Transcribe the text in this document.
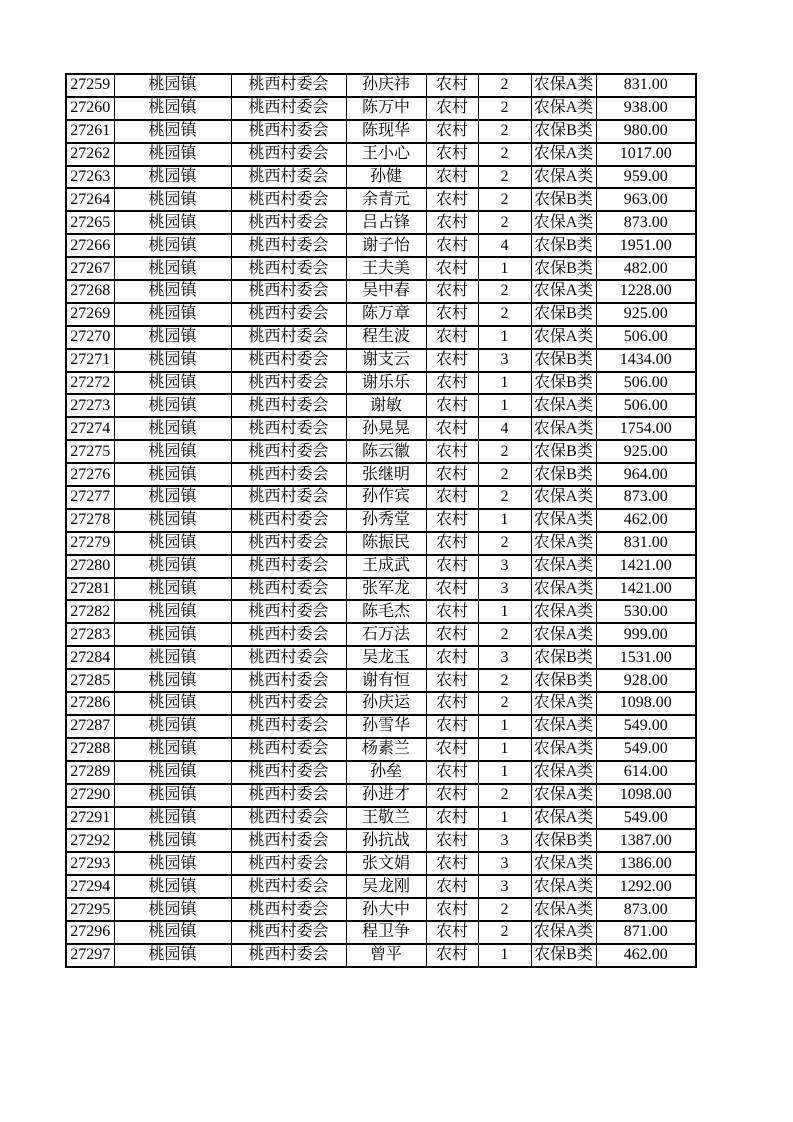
27259	桃园镇	桃西村委会	孙庆祎	农村	2	农保A类	831.00
27260	桃园镇	桃西村委会	陈万中	农村	2	农保A类	938.00
27261	桃园镇	桃西村委会	陈现华	农村	2	农保B类	980.00
27262	桃园镇	桃西村委会	王小心	农村	2	农保A类	1017.00
27263	桃园镇	桃西村委会	孙健	农村	2	农保A类	959.00
27264	桃园镇	桃西村委会	余青元	农村	2	农保B类	963.00
27265	桃园镇	桃西村委会	吕占锋	农村	2	农保A类	873.00
27266	桃园镇	桃西村委会	谢子怡	农村	4	农保B类	1951.00
27267	桃园镇	桃西村委会	王夫美	农村	1	农保B类	482.00
27268	桃园镇	桃西村委会	吴中春	农村	2	农保A类	1228.00
27269	桃园镇	桃西村委会	陈万章	农村	2	农保B类	925.00
27270	桃园镇	桃西村委会	程生波	农村	1	农保A类	506.00
27271	桃园镇	桃西村委会	谢支云	农村	3	农保B类	1434.00
27272	桃园镇	桃西村委会	谢乐乐	农村	1	农保B类	506.00
27273	桃园镇	桃西村委会	谢敏	农村	1	农保A类	506.00
27274	桃园镇	桃西村委会	孙晃晃	农村	4	农保A类	1754.00
27275	桃园镇	桃西村委会	陈云徽	农村	2	农保B类	925.00
27276	桃园镇	桃西村委会	张继明	农村	2	农保B类	964.00
27277	桃园镇	桃西村委会	孙作宾	农村	2	农保A类	873.00
27278	桃园镇	桃西村委会	孙秀堂	农村	1	农保A类	462.00
27279	桃园镇	桃西村委会	陈振民	农村	2	农保A类	831.00
27280	桃园镇	桃西村委会	王成武	农村	3	农保A类	1421.00
27281	桃园镇	桃西村委会	张军龙	农村	3	农保A类	1421.00
27282	桃园镇	桃西村委会	陈毛杰	农村	1	农保A类	530.00
27283	桃园镇	桃西村委会	石万法	农村	2	农保A类	999.00
27284	桃园镇	桃西村委会	吴龙玉	农村	3	农保B类	1531.00
27285	桃园镇	桃西村委会	谢有恒	农村	2	农保B类	928.00
27286	桃园镇	桃西村委会	孙庆运	农村	2	农保A类	1098.00
27287	桃园镇	桃西村委会	孙雪华	农村	1	农保A类	549.00
27288	桃园镇	桃西村委会	杨素兰	农村	1	农保A类	549.00
27289	桃园镇	桃西村委会	孙垒	农村	1	农保A类	614.00
27290	桃园镇	桃西村委会	孙进才	农村	2	农保A类	1098.00
27291	桃园镇	桃西村委会	王敬兰	农村	1	农保A类	549.00
27292	桃园镇	桃西村委会	孙抗战	农村	3	农保B类	1387.00
27293	桃园镇	桃西村委会	张文娟	农村	3	农保A类	1386.00
27294	桃园镇	桃西村委会	吴龙刚	农村	3	农保A类	1292.00
27295	桃园镇	桃西村委会	孙大中	农村	2	农保A类	873.00
27296	桃园镇	桃西村委会	程卫争	农村	2	农保A类	871.00
27297	桃园镇	桃西村委会	曾平	农村	1	农保B类	462.00
